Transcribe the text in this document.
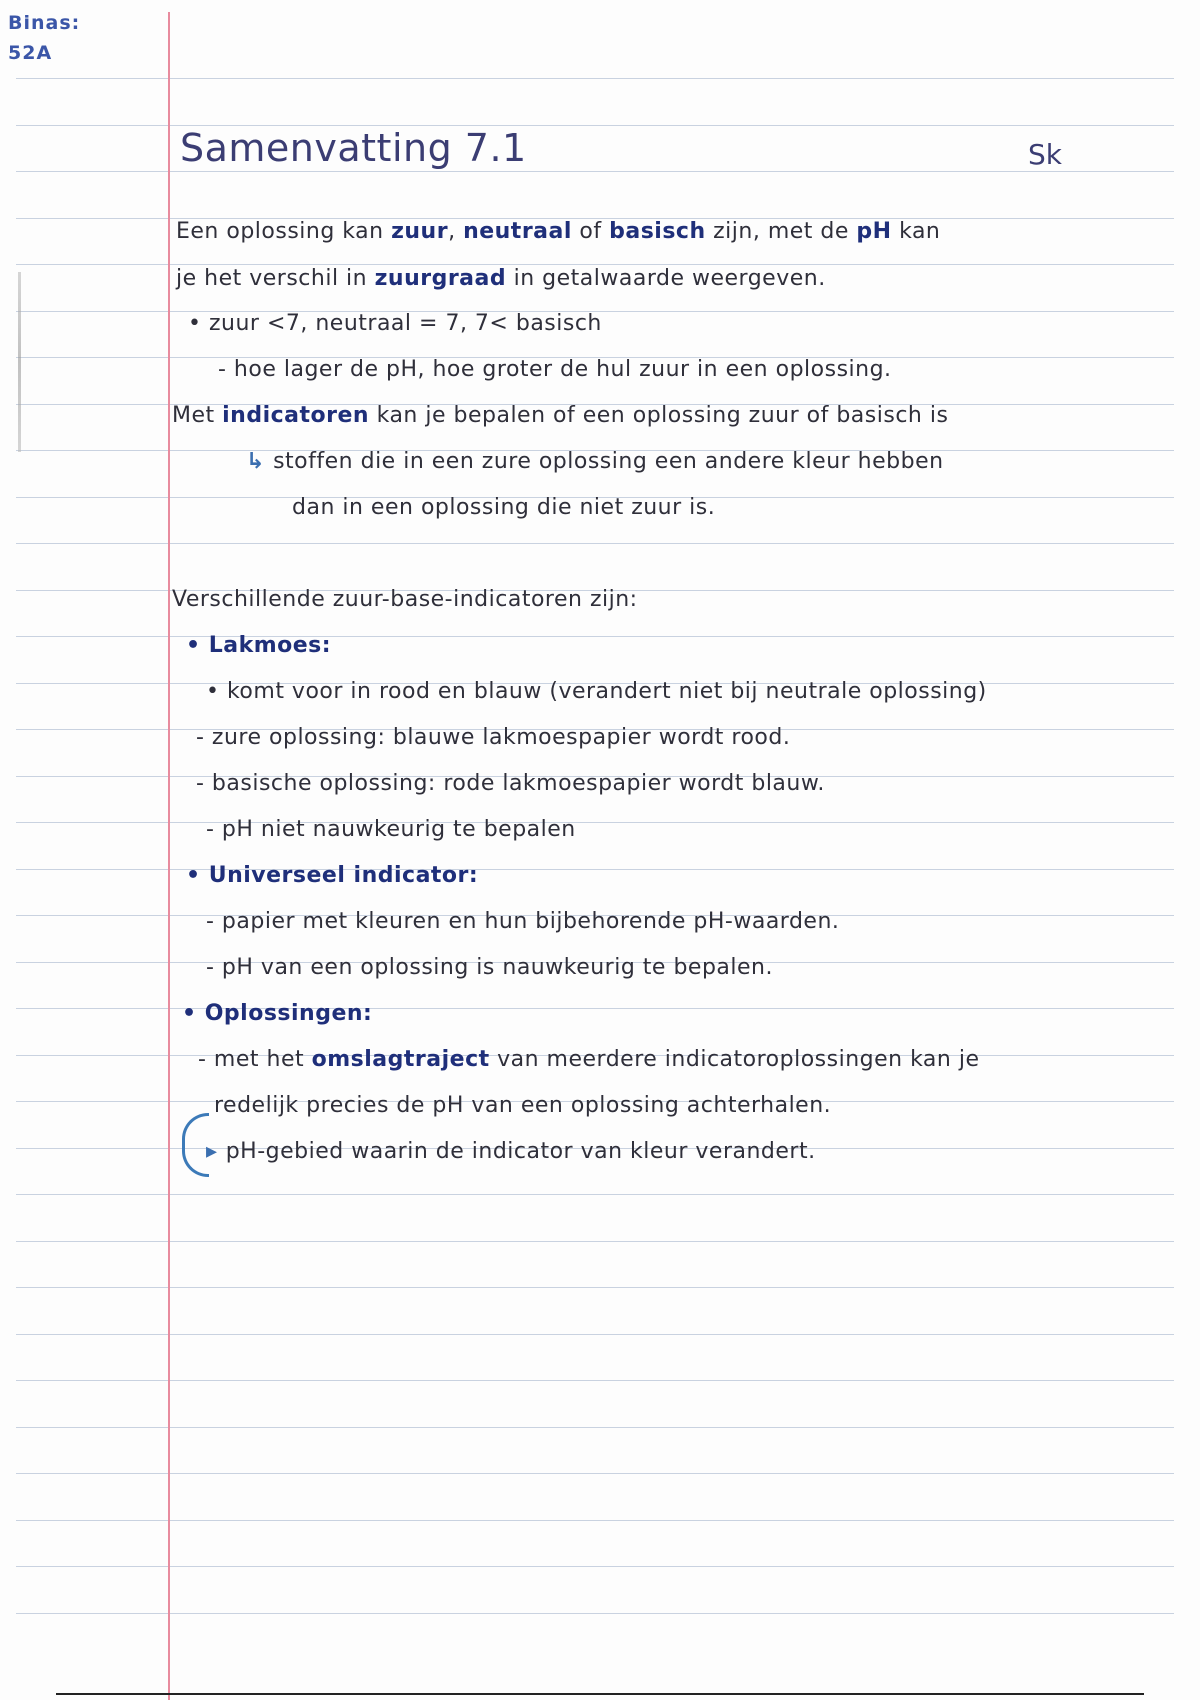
Binas:
52A
Samenvatting 7.1	Sk
Een oplossing kan zuur, neutraal of basisch zijn, met de pH kan
je het verschil in zuurgraad in getalwaarde weergeven.
• zuur <7, neutraal = 7, 7< basisch
- hoe lager de pH, hoe groter de hul zuur in een oplossing.
Met indicatoren kan je bepalen of een oplossing zuur of basisch is
↳ stoffen die in een zure oplossing een andere kleur hebben
dan in een oplossing die niet zuur is.
Verschillende zuur-base-indicatoren zijn:
• Lakmoes:
• komt voor in rood en blauw (verandert niet bij neutrale oplossing)
- zure oplossing: blauwe lakmoespapier wordt rood.
- basische oplossing: rode lakmoespapier wordt blauw.
- pH niet nauwkeurig te bepalen
• Universeel indicator:
- papier met kleuren en hun bijbehorende pH-waarden.
- pH van een oplossing is nauwkeurig te bepalen.
• Oplossingen:
- met het omslagtraject van meerdere indicatoroplossingen kan je
redelijk precies de pH van een oplossing achterhalen.
▸ pH-gebied waarin de indicator van kleur verandert.
